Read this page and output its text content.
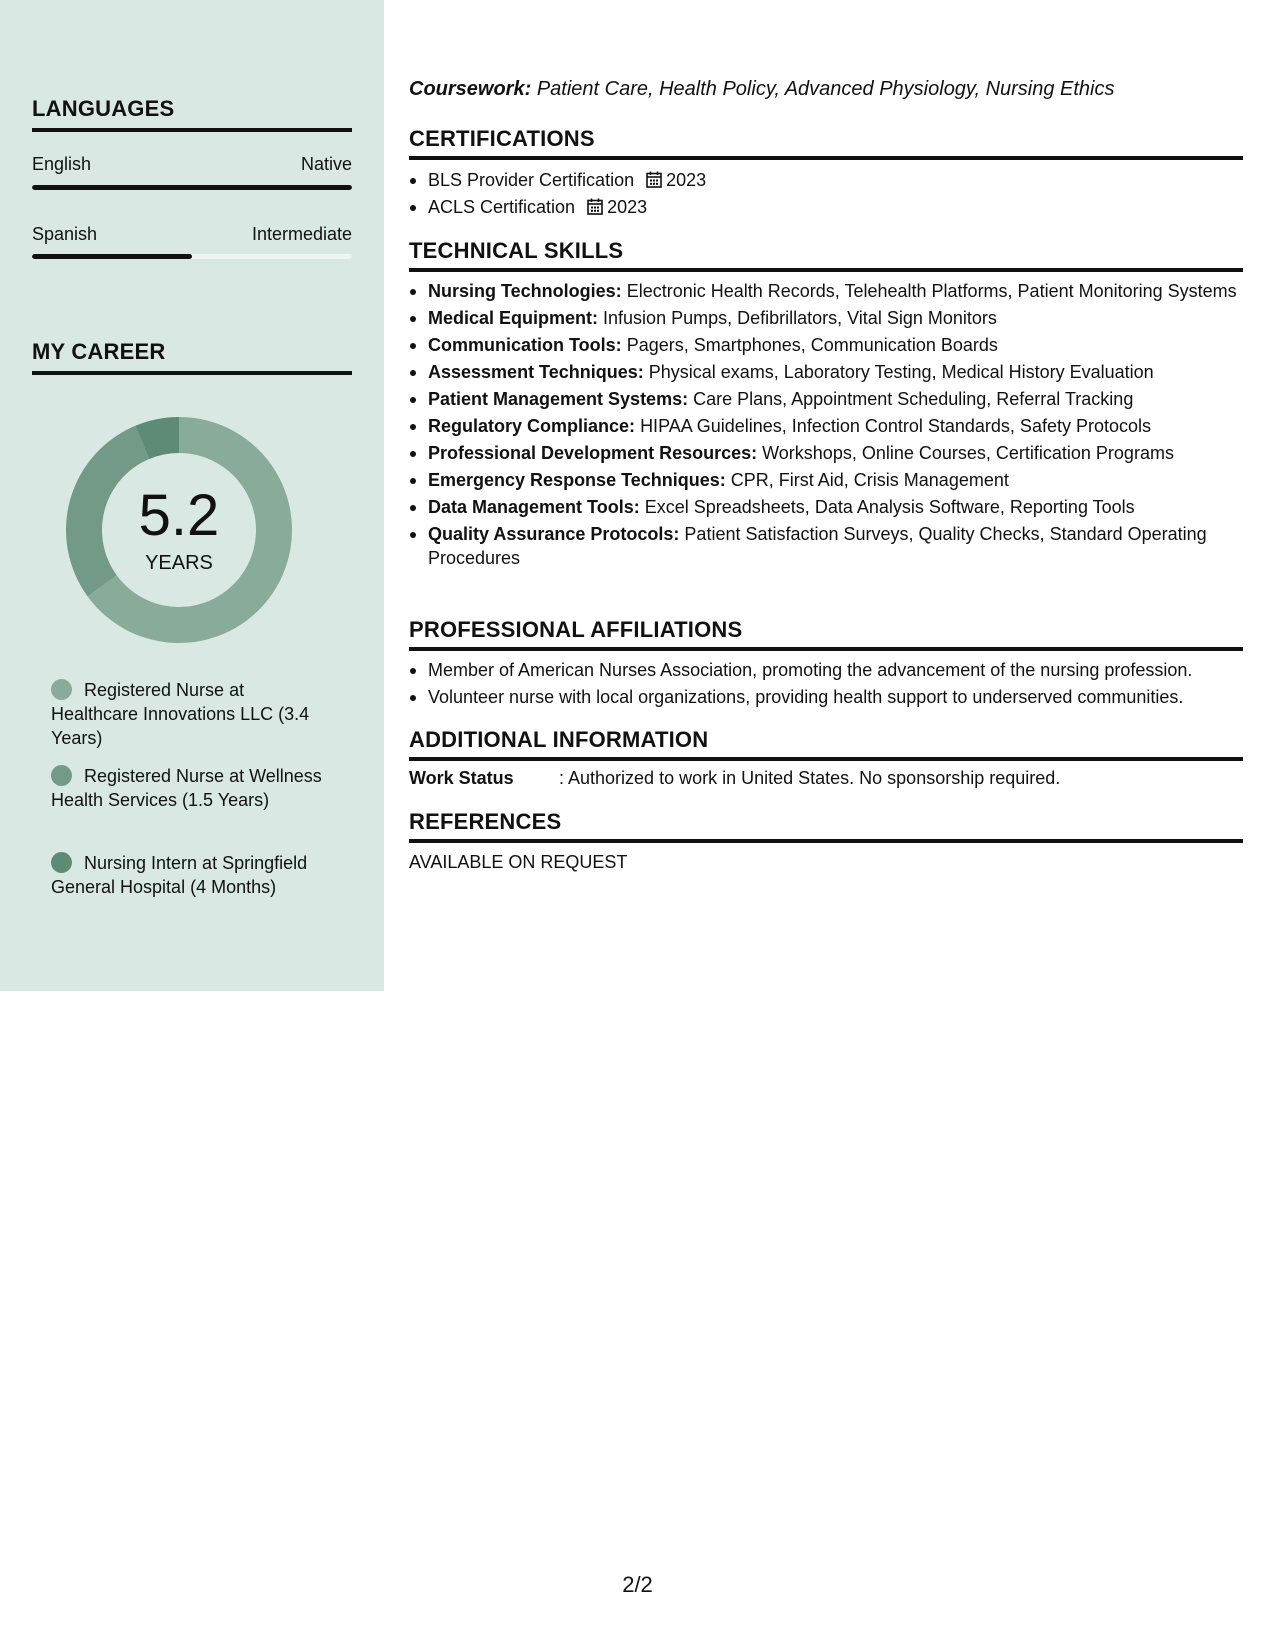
LANGUAGES
English	Native
Spanish	Intermediate
MY CAREER
5.2
YEARS
Registered Nurse at Healthcare Innovations LLC (3.4 Years)
Registered Nurse at Wellness Health Services (1.5 Years)
Nursing Intern at Springfield General Hospital (4 Months)
Coursework: Patient Care, Health Policy, Advanced Physiology, Nursing Ethics
CERTIFICATIONS
BLS Provider Certification 2023
ACLS Certification 2023
TECHNICAL SKILLS
Nursing Technologies: Electronic Health Records, Telehealth Platforms, Patient Monitoring Systems
Medical Equipment: Infusion Pumps, Defibrillators, Vital Sign Monitors
Communication Tools: Pagers, Smartphones, Communication Boards
Assessment Techniques: Physical exams, Laboratory Testing, Medical History Evaluation
Patient Management Systems: Care Plans, Appointment Scheduling, Referral Tracking
Regulatory Compliance: HIPAA Guidelines, Infection Control Standards, Safety Protocols
Professional Development Resources: Workshops, Online Courses, Certification Programs
Emergency Response Techniques: CPR, First Aid, Crisis Management
Data Management Tools: Excel Spreadsheets, Data Analysis Software, Reporting Tools
Quality Assurance Protocols: Patient Satisfaction Surveys, Quality Checks, Standard Operating Procedures
PROFESSIONAL AFFILIATIONS
Member of American Nurses Association, promoting the advancement of the nursing profession.
Volunteer nurse with local organizations, providing health support to underserved communities.
ADDITIONAL INFORMATION
Work Status	: Authorized to work in United States. No sponsorship required.
REFERENCES
AVAILABLE ON REQUEST
2/2
